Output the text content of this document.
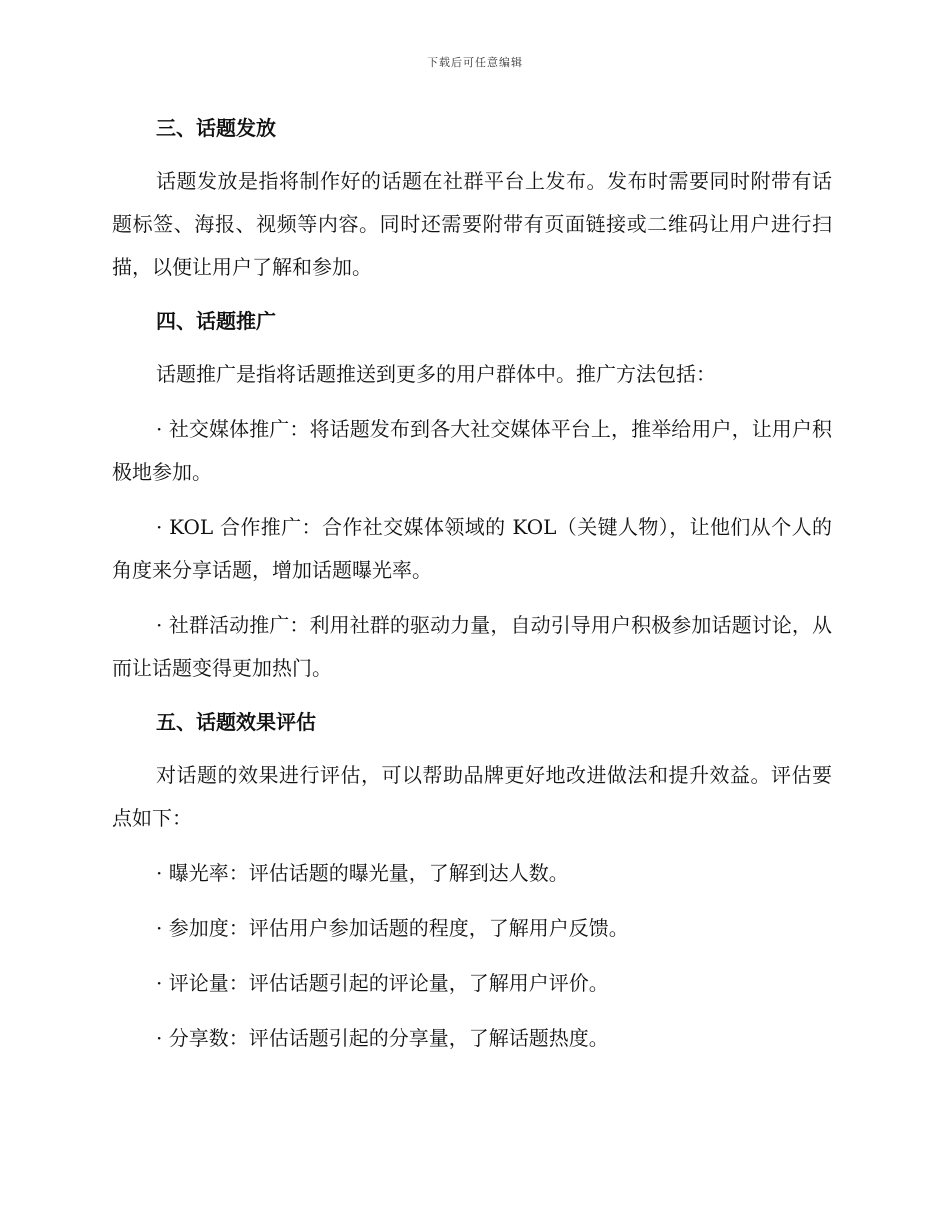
下载后可任意编辑
三、话题发放

话题发放是指将制作好的话题在社群平台上发布。发布时需要同时附带有话题标签、海报、视频等内容。同时还需要附带有页面链接或二维码让用户进行扫描，以便让用户了解和参加。

四、话题推广

话题推广是指将话题推送到更多的用户群体中。推广方法包括：

· 社交媒体推广：将话题发布到各大社交媒体平台上，推举给用户，让用户积极地参加。

· KOL 合作推广：合作社交媒体领域的 KOL（关键人物），让他们从个人的角度来分享话题，增加话题曝光率。

· 社群活动推广：利用社群的驱动力量，自动引导用户积极参加话题讨论，从而让话题变得更加热门。

五、话题效果评估

对话题的效果进行评估，可以帮助品牌更好地改进做法和提升效益。评估要点如下：

· 曝光率：评估话题的曝光量，了解到达人数。

· 参加度：评估用户参加话题的程度，了解用户反馈。

· 评论量：评估话题引起的评论量，了解用户评价。

· 分享数：评估话题引起的分享量，了解话题热度。
